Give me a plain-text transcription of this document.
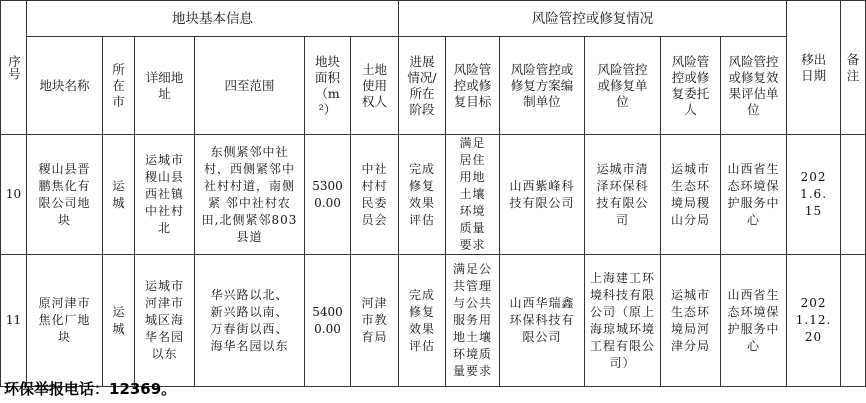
序号	地块基本信息						风险管控或修复情况						移出日期	备注
	地块名称	所在市	详细地址	四至范围	地块面积（m²）	土地使用权人	进展情况/所在阶段	风险管控或修复目标	风险管控或修复方案编制单位	风险管控或修复单位	风险管控或修复委托人	风险管控或修复效果评估单位		
10	稷山县晋鹏焦化有限公司地块	运城	运城市稷山县西社镇中社村北	东侧紧邻中社村，西侧紧邻中社村村道，南侧紧 邻中社村农田,北侧紧邻803县道	53000.00	中社村村民委员会	完成修复效果评估	满足居住用地土壤环境质量要求	山西紫峰科技有限公司	运城市清泽环保科技有限公司	运城市生态环境局稷山分局	山西省生态环境保护服务中心	2021.6.15	
11	原河津市焦化厂地块	运城	运城市河津市城区海华名园以东	华兴路以北、新兴路以南、万春街以西、海华名园以东	54000.00	河津市教育局	完成修复效果评估	满足公共管理与公共服务用地土壤环境质量要求	山西华瑞鑫环保科技有限公司	上海建工环境科技有限公司（原上海琼城环境工程有限公司）	运城市生态环境局河津分局	山西省生态环境保护服务中心	2021.12.20	
环保举报电话：12369。
